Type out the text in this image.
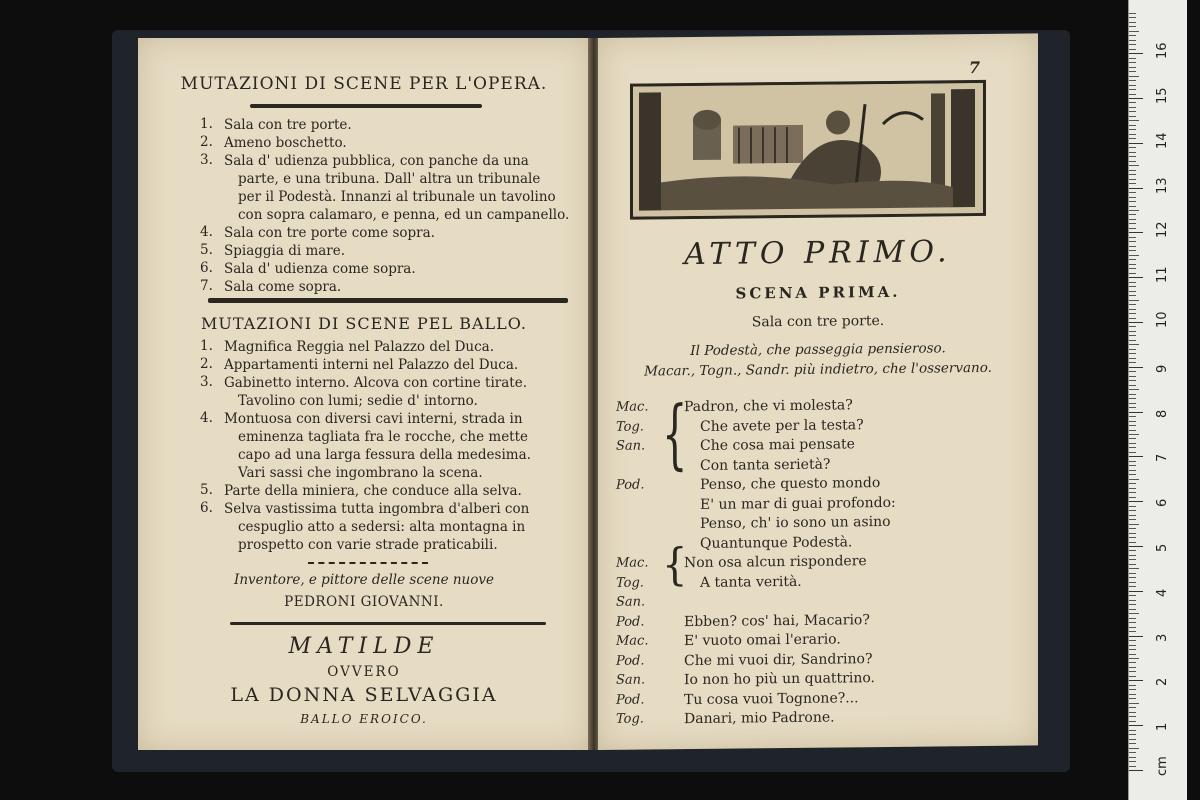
MUTAZIONI DI SCENE PER L'OPERA.
1. Sala con tre porte.
2. Ameno boschetto.
3. Sala d' udienza pubblica, con panche da una
parte, e una tribuna. Dall' altra un tribunale
per il Podestà. Innanzi al tribunale un tavolino
con sopra calamaro, e penna, ed un campanello.
4. Sala con tre porte come sopra.
5. Spiaggia di mare.
6. Sala d' udienza come sopra.
7. Sala come sopra.
MUTAZIONI DI SCENE PEL BALLO.
1. Magnifica Reggia nel Palazzo del Duca.
2. Appartamenti interni nel Palazzo del Duca.
3. Gabinetto interno. Alcova con cortine tirate.
Tavolino con lumi; sedie d' intorno.
4. Montuosa con diversi cavi interni, strada in
eminenza tagliata fra le rocche, che mette
capo ad una larga fessura della medesima.
Vari sassi che ingombrano la scena.
5. Parte della miniera, che conduce alla selva.
6. Selva vastissima tutta ingombra d'alberi con
cespuglio atto a sedersi: alta montagna in
prospetto con varie strade praticabili.
Inventore, e pittore delle scene nuove
PEDRONI GIOVANNI.
MATILDE
OVVERO
LA DONNA SELVAGGIA
BALLO EROICO.
7
ATTO PRIMO.
SCENA PRIMA.
Sala con tre porte.
Il Podestà, che passeggia pensieroso.
Macar., Togn., Sandr. più indietro, che l'osservano.
{
{
Mac.	Padron, che vi molesta?
Tog.	Che avete per la testa?
San.	Che cosa mai pensate
Con tanta serietà?
Pod.	Penso, che questo mondo
E' un mar di guai profondo:
Penso, ch' io sono un asino
Quantunque Podestà.
Mac.	Non osa alcun rispondere
Tog.	A tanta verità.
San.
Pod.	Ebben? cos' hai, Macario?
Mac.	E' vuoto omai l'erario.
Pod.	Che mi vuoi dir, Sandrino?
San.	Io non ho più un quattrino.
Pod.	Tu cosa vuoi Tognone?...
Tog.	Danari, mio Padrone.
cm
1
2
3
4
5
6
7
8
9
10
11
12
13
14
15
16
